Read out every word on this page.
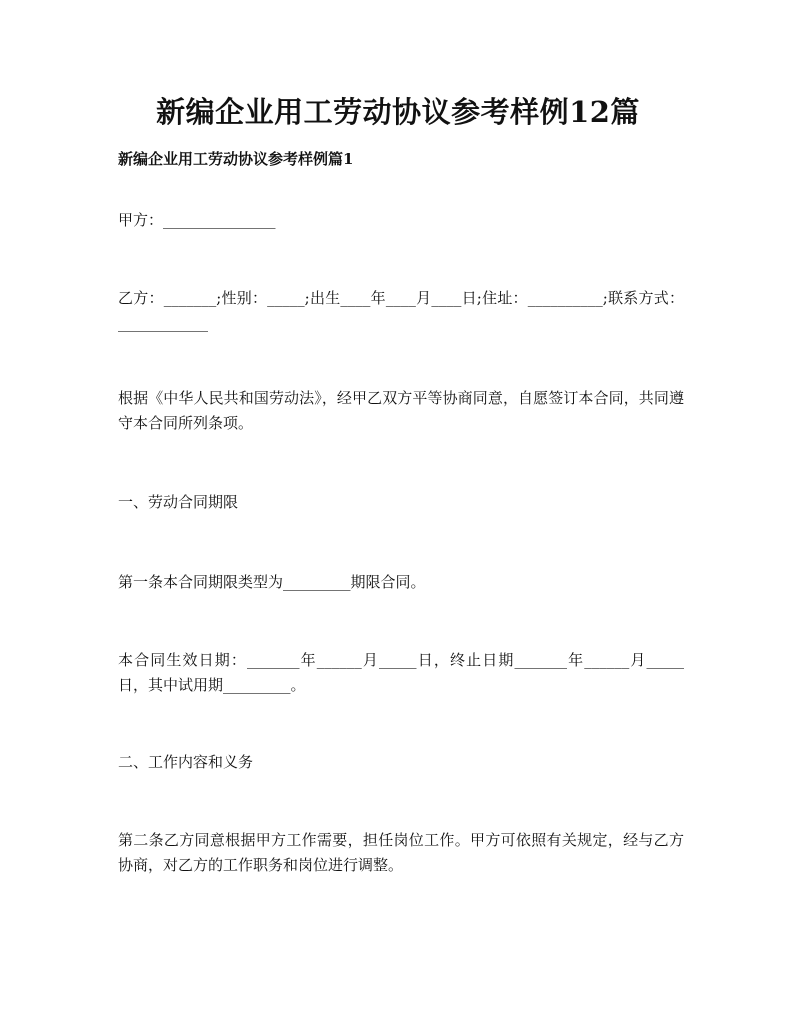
新编企业用工劳动协议参考样例12篇
新编企业用工劳动协议参考样例篇1

甲方：_______________

乙方：_______;性别：_____;出生____年____月____日;住址：__________;联系方式：____________

根据《中华人民共和国劳动法》，经甲乙双方平等协商同意，自愿签订本合同，共同遵守本合同所列条项。

一、劳动合同期限

第一条本合同期限类型为_________期限合同。

本合同生效日期：_______年______月_____日，终止日期_______年______月_____日，其中试用期_________。

二、工作内容和义务

第二条乙方同意根据甲方工作需要，担任岗位工作。甲方可依照有关规定，经与乙方协商，对乙方的工作职务和岗位进行调整。
